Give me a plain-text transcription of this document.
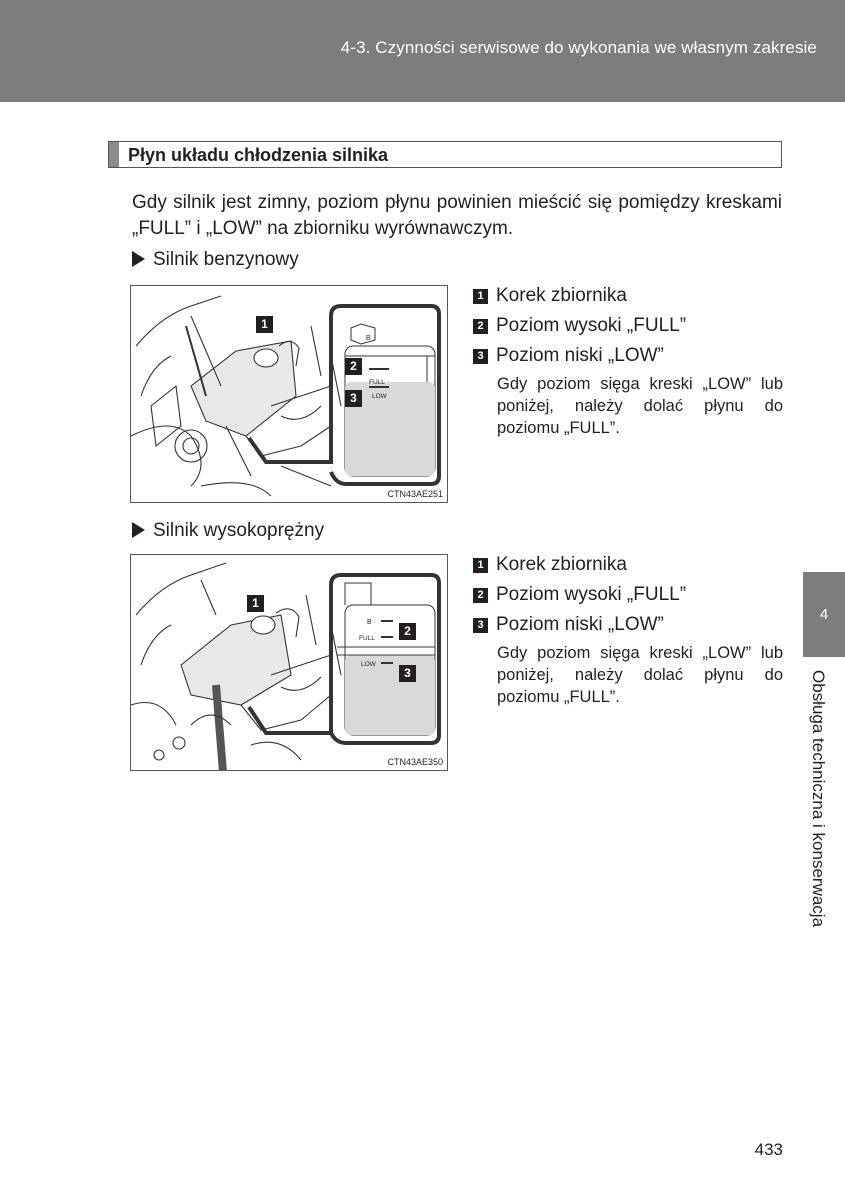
4-3. Czynności serwisowe do wykonania we własnym zakresie
Płyn układu chłodzenia silnika
Gdy silnik jest zimny, poziom płynu powinien mieścić się pomiędzy kreskami „FULL” i „LOW” na zbiorniku wyrównawczym.
Silnik benzynowy
B
FULL
LOW
1
2
3
CTN43AE251
1 Korek zbiornika
2 Poziom wysoki „FULL”
3 Poziom niski „LOW”
Gdy poziom sięga kreski „LOW” lub poniżej, należy dolać płynu do poziomu „FULL”.
Silnik wysokoprężny
B
FULL
LOW
1
2
3
CTN43AE350
1 Korek zbiornika
2 Poziom wysoki „FULL”
3 Poziom niski „LOW”
Gdy poziom sięga kreski „LOW” lub poniżej, należy dolać płynu do poziomu „FULL”.
4
Obsługa techniczna i konserwacja
433
